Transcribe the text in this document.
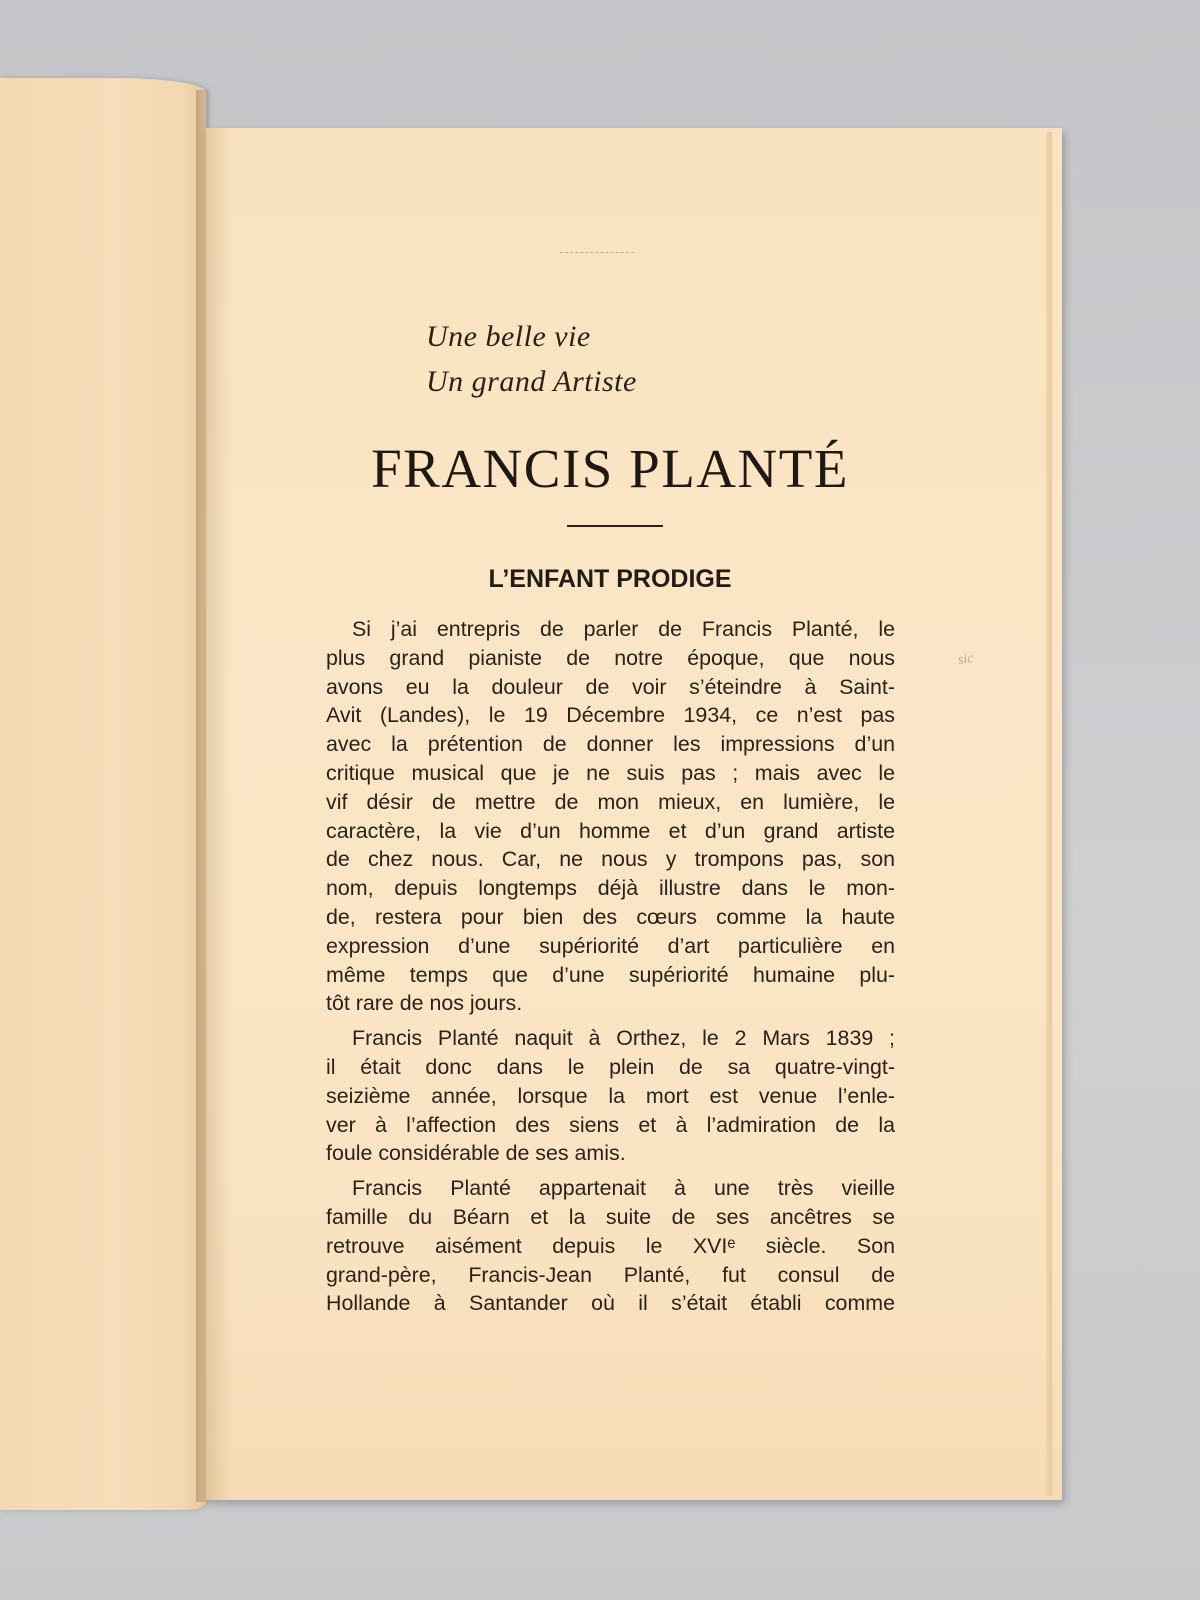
Une belle vie
Un grand Artiste
FRANCIS PLANTÉ
L’ENFANT PRODIGE
sic
Si j’ai entrepris de parler de Francis Planté, le
plus grand pianiste de notre époque, que nous
avons eu la douleur de voir s’éteindre à Saint-
Avit (Landes), le 19 Décembre 1934, ce n’est pas
avec la prétention de donner les impressions d’un
critique musical que je ne suis pas ; mais avec le
vif désir de mettre de mon mieux, en lumière, le
caractère, la vie d’un homme et d’un grand artiste
de chez nous. Car, ne nous y trompons pas, son
nom, depuis longtemps déjà illustre dans le mon-
de, restera pour bien des cœurs comme la haute
expression d’une supériorité d’art particulière en
même temps que d’une supériorité humaine plu-
tôt rare de nos jours.
Francis Planté naquit à Orthez, le 2 Mars 1839 ;
il était donc dans le plein de sa quatre-vingt-
seizième année, lorsque la mort est venue l’enle-
ver à l’affection des siens et à l’admiration de la
foule considérable de ses amis.
Francis Planté appartenait à une très vieille
famille du Béarn et la suite de ses ancêtres se
retrouve aisément depuis le XVIᵉ siècle. Son
grand-père, Francis-Jean Planté, fut consul de
Hollande à Santander où il s’était établi comme
